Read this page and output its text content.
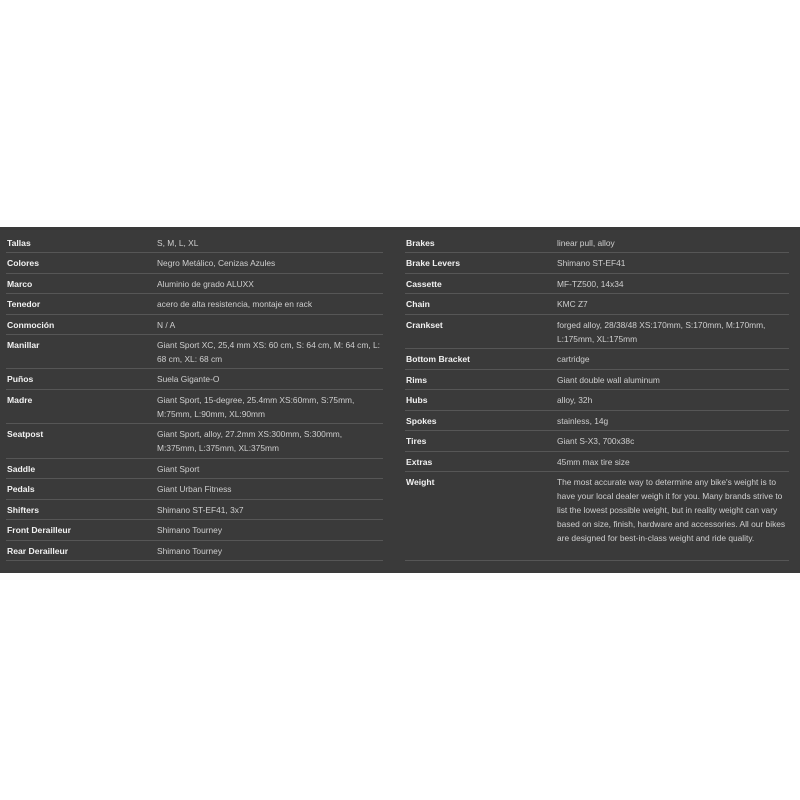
Tallas	S, M, L, XL
Colores	Negro Metálico, Cenizas Azules
Marco	Aluminio de grado ALUXX
Tenedor	acero de alta resistencia, montaje en rack
Conmoción	N / A
Manillar	Giant Sport XC, 25,4 mm XS: 60 cm, S: 64 cm, M: 64 cm, L: 68 cm, XL: 68 cm
Puños	Suela Gigante-O
Madre	Giant Sport, 15-degree, 25.4mm XS:60mm, S:75mm, M:75mm, L:90mm, XL:90mm
Seatpost	Giant Sport, alloy, 27.2mm XS:300mm, S:300mm, M:375mm, L:375mm, XL:375mm
Saddle	Giant Sport
Pedals	Giant Urban Fitness
Shifters	Shimano ST-EF41, 3x7
Front Derailleur	Shimano Tourney
Rear Derailleur	Shimano Tourney
Brakes	linear pull, alloy
Brake Levers	Shimano ST-EF41
Cassette	MF-TZ500, 14x34
Chain	KMC Z7
Crankset	forged alloy, 28/38/48 XS:170mm, S:170mm, M:170mm, L:175mm, XL:175mm
Bottom Bracket	cartridge
Rims	Giant double wall aluminum
Hubs	alloy, 32h
Spokes	stainless, 14g
Tires	Giant S-X3, 700x38c
Extras	45mm max tire size
Weight	The most accurate way to determine any bike's weight is to have your local dealer weigh it for you. Many brands strive to list the lowest possible weight, but in reality weight can vary based on size, finish, hardware and accessories. All our bikes are designed for best-in-class weight and ride quality.
